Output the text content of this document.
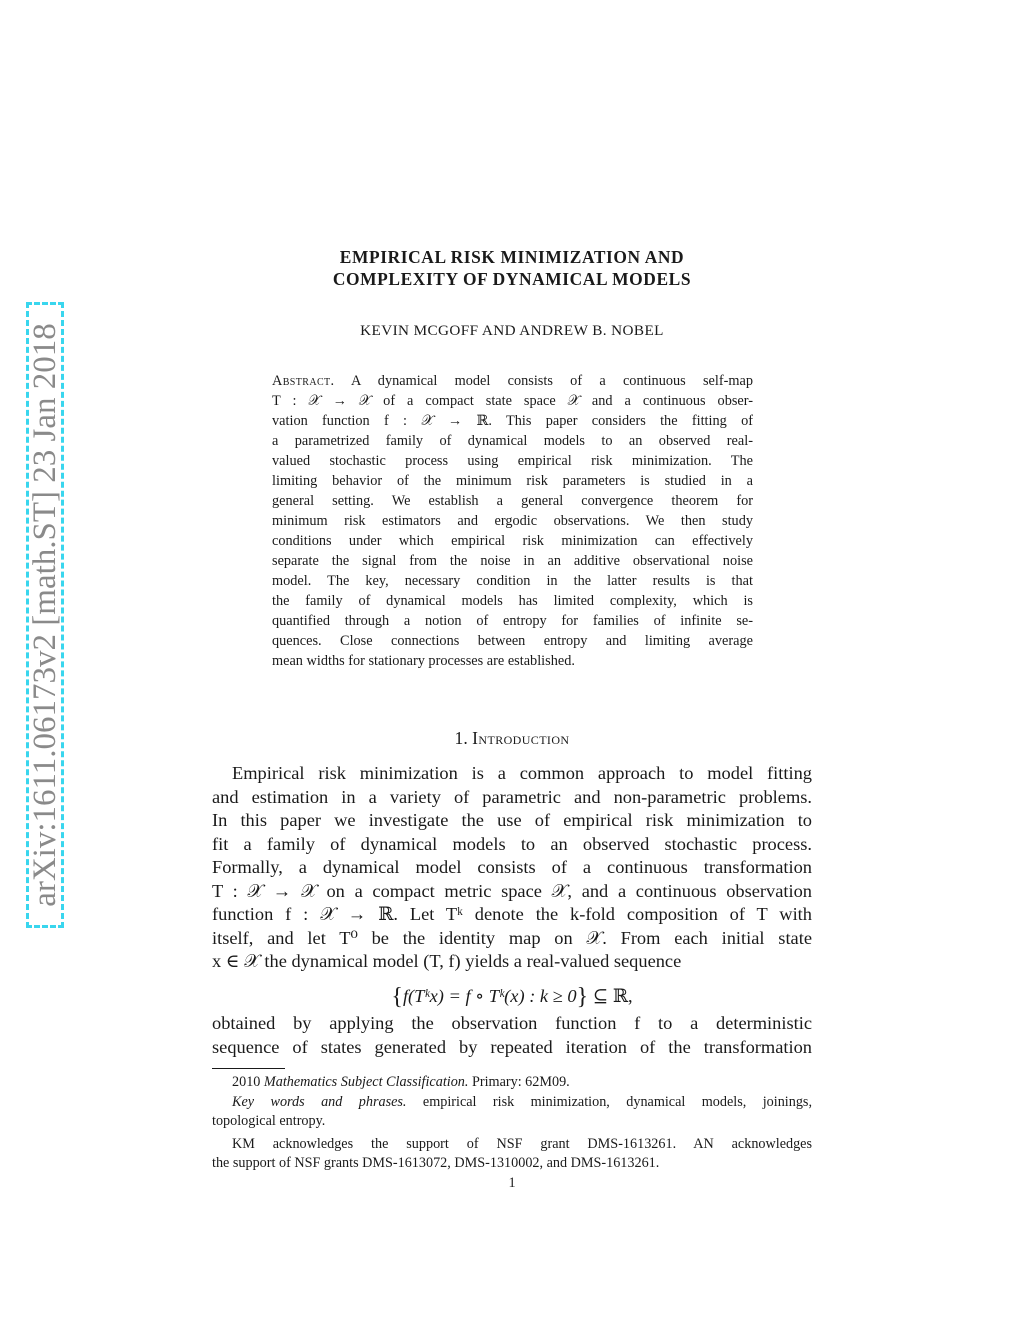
arXiv:1611.06173v2 [math.ST] 23 Jan 2018
EMPIRICAL RISK MINIMIZATION AND
COMPLEXITY OF DYNAMICAL MODELS
KEVIN MCGOFF AND ANDREW B. NOBEL
Abstract. A dynamical model consists of a continuous self-map
T : 𝒳 → 𝒳 of a compact state space 𝒳 and a continuous obser-
vation function f : 𝒳 → ℝ. This paper considers the fitting of
a parametrized family of dynamical models to an observed real-
valued stochastic process using empirical risk minimization. The
limiting behavior of the minimum risk parameters is studied in a
general setting. We establish a general convergence theorem for
minimum risk estimators and ergodic observations. We then study
conditions under which empirical risk minimization can effectively
separate the signal from the noise in an additive observational noise
model. The key, necessary condition in the latter results is that
the family of dynamical models has limited complexity, which is
quantified through a notion of entropy for families of infinite se-
quences. Close connections between entropy and limiting average
mean widths for stationary processes are established.
1. Introduction
Empirical risk minimization is a common approach to model fitting
and estimation in a variety of parametric and non-parametric problems.
In this paper we investigate the use of empirical risk minimization to
fit a family of dynamical models to an observed stochastic process.
Formally, a dynamical model consists of a continuous transformation
T : 𝒳 → 𝒳 on a compact metric space 𝒳, and a continuous observation
function f : 𝒳 → ℝ. Let Tᵏ denote the k-fold composition of T with
itself, and let T⁰ be the identity map on 𝒳. From each initial state
x ∈ 𝒳 the dynamical model (T, f) yields a real-valued sequence
{f(Tᵏx) = f ∘ Tᵏ(x) : k ≥ 0} ⊆ ℝ,
obtained by applying the observation function f to a deterministic
sequence of states generated by repeated iteration of the transformation
2010 Mathematics Subject Classification. Primary: 62M09.
Key words and phrases. empirical risk minimization, dynamical models, joinings,
topological entropy.
KM acknowledges the support of NSF grant DMS-1613261. AN acknowledges
the support of NSF grants DMS-1613072, DMS-1310002, and DMS-1613261.
1
